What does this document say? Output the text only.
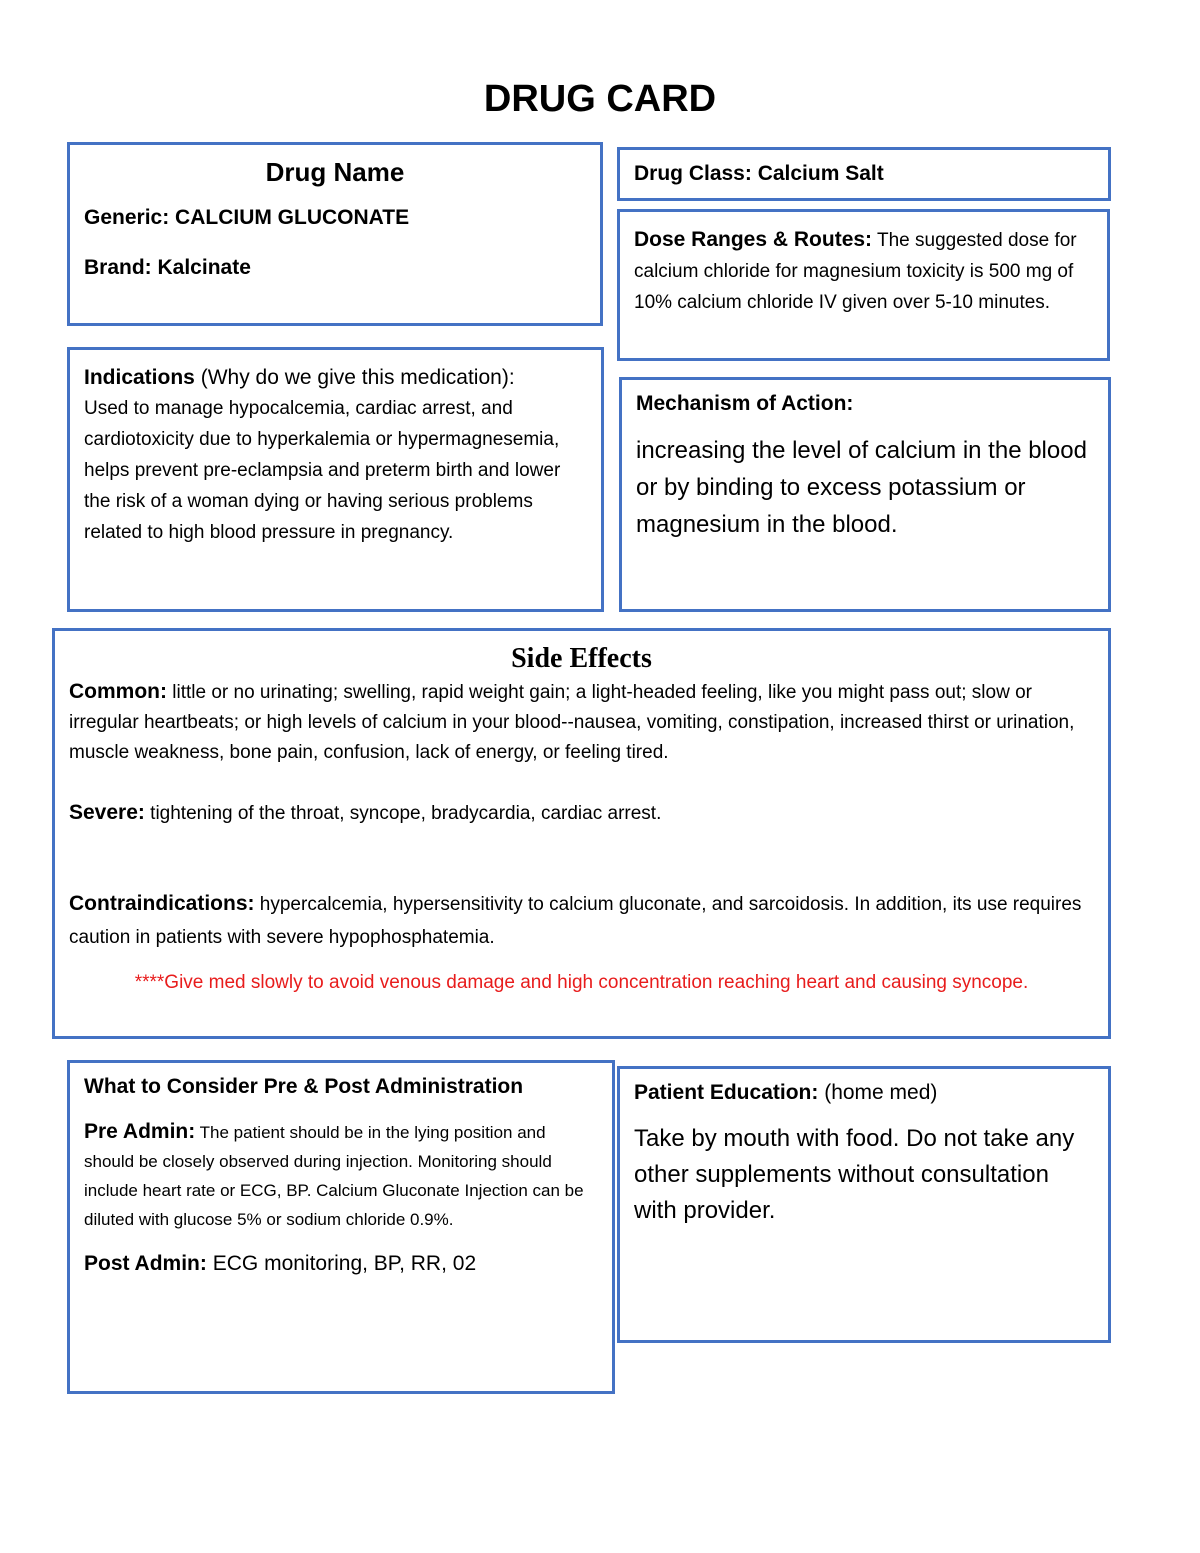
DRUG CARD
Drug Name
Generic: CALCIUM GLUCONATE
Brand: Kalcinate
Drug Class: Calcium Salt
Dose Ranges & Routes: The suggested dose for calcium chloride for magnesium toxicity is 500 mg of 10% calcium chloride IV given over 5-10 minutes.
Indications (Why do we give this medication):
Used to manage hypocalcemia, cardiac arrest, and cardiotoxicity due to hyperkalemia or hypermagnesemia, helps prevent pre-eclampsia and preterm birth and lower the risk of a woman dying or having serious problems related to high blood pressure in pregnancy.
Mechanism of Action:
increasing the level of calcium in the blood or by binding to excess potassium or magnesium in the blood.
Side Effects

Common: little or no urinating; swelling, rapid weight gain; a light-headed feeling, like you might pass out; slow or irregular heartbeats; or high levels of calcium in your blood--nausea, vomiting, constipation, increased thirst or urination, muscle weakness, bone pain, confusion, lack of energy, or feeling tired.

Severe: tightening of the throat, syncope, bradycardia, cardiac arrest.

Contraindications: hypercalcemia, hypersensitivity to calcium gluconate, and sarcoidosis. In addition, its use requires caution in patients with severe hypophosphatemia.

****Give med slowly to avoid venous damage and high concentration reaching heart and causing syncope.

What to Consider Pre & Post Administration
Pre Admin: The patient should be in the lying position and should be closely observed during injection. Monitoring should include heart rate or ECG, BP. Calcium Gluconate Injection can be diluted with glucose 5% or sodium chloride 0.9%.
Post Admin: ECG monitoring, BP, RR, 02
Patient Education: (home med)
Take by mouth with food. Do not take any other supplements without consultation with provider.
